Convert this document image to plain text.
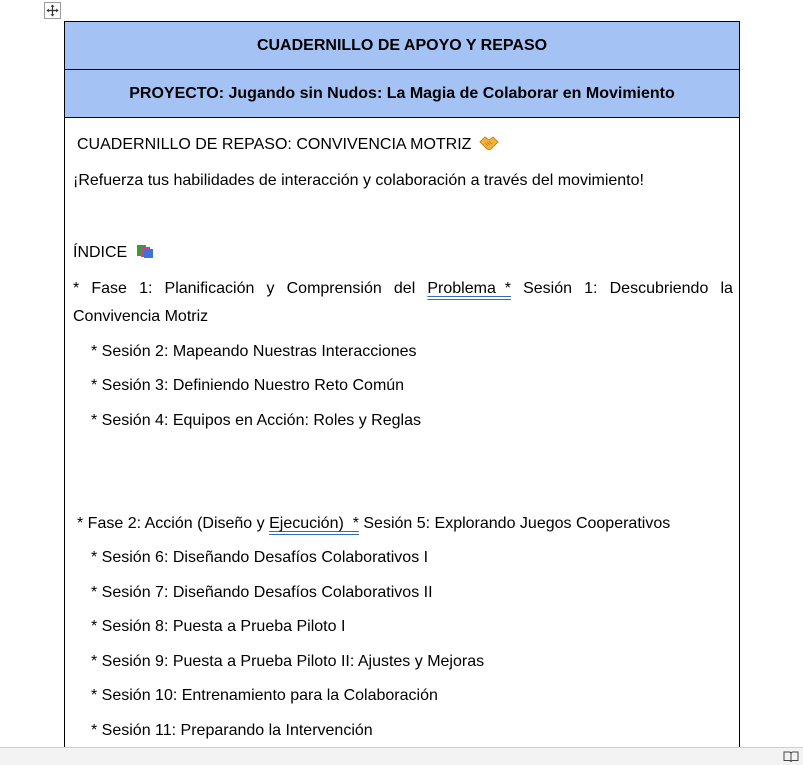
CUADERNILLO DE APOYO Y REPASO
PROYECTO: Jugando sin Nudos: La Magia de Colaborar en Movimiento
CUADERNILLO DE REPASO: CONVIVENCIA MOTRIZ
¡Refuerza tus habilidades de interacción y colaboración a través del movimiento!
ÍNDICE
* Fase 1: Planificación y Comprensión del Problema  * Sesión 1: Descubriendo la
Convivencia Motriz
* Sesión 2: Mapeando Nuestras Interacciones
* Sesión 3: Definiendo Nuestro Reto Común
* Sesión 4: Equipos en Acción: Roles y Reglas
* Fase 2: Acción (Diseño y Ejecución)  * Sesión 5: Explorando Juegos Cooperativos
* Sesión 6: Diseñando Desafíos Colaborativos I
* Sesión 7: Diseñando Desafíos Colaborativos II
* Sesión 8: Puesta a Prueba Piloto I
* Sesión 9: Puesta a Prueba Piloto II: Ajustes y Mejoras
* Sesión 10: Entrenamiento para la Colaboración
* Sesión 11: Preparando la Intervención
